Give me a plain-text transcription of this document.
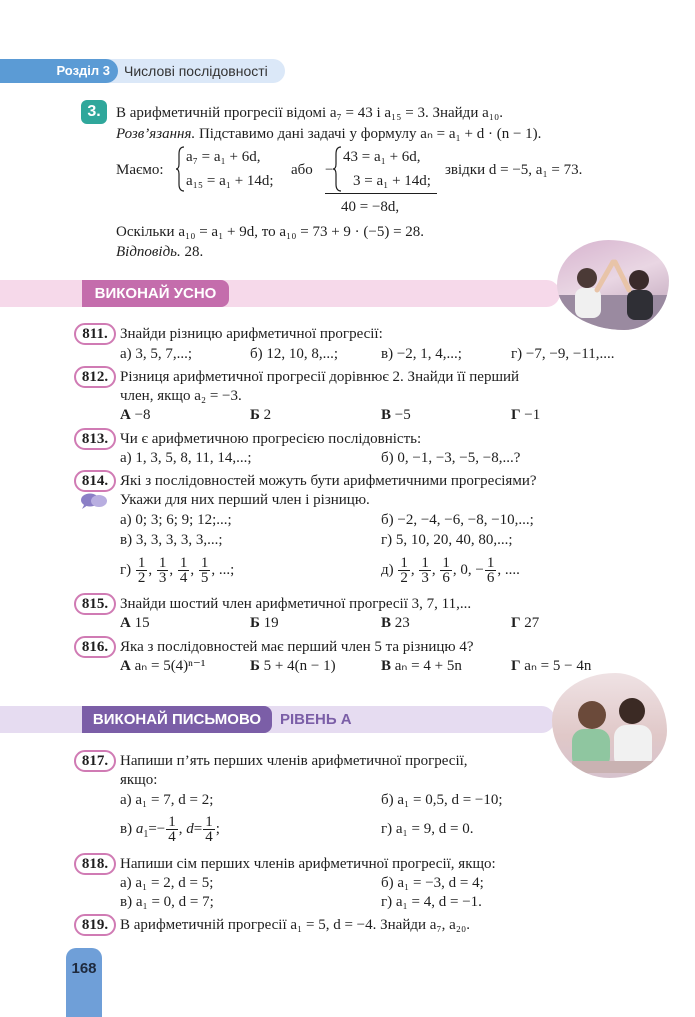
Розділ 3	Числові послідовності
3.	В арифметичній прогресії відомі a₇ = 43 і a₁₅ = 3. Знайди a₁₀.
Розв’язання. Підставимо дані задачі у формулу aₙ = a₁ + d · (n − 1).
Маємо:
a₇ = a₁ + 6d,
a₁₅ = a₁ + 14d;
або −
43 = a₁ + 6d,
3 = a₁ + 14d;
40 = −8d,
звідки d = −5, a₁ = 73.
Оскільки a₁₀ = a₁ + 9d, то a₁₀ = 73 + 9 · (−5) = 28.
Відповідь. 28.
ВИКОНАЙ УСНО
811. Знайди різницю арифметичної прогресії:
а) 3, 5, 7,...;	б) 12, 10, 8,...;	в) −2, 1, 4,...;	г) −7, −9, −11,....
812. Різниця арифметичної прогресії дорівнює 2. Знайди її перший
член, якщо a₂ = −3.
А −8	Б 2	В −5	Г −1
813. Чи є арифметичною прогресією послідовність:
а) 1, 3, 5, 8, 11, 14,...;	б) 0, −1, −3, −5, −8,...?
814. Які з послідовностей можуть бути арифметичними прогресіями?
Укажи для них перший член і різницю.
а) 0; 3; 6; 9; 12;...;	б) −2, −4, −6, −8, −10,...;
в) 3, 3, 3, 3, 3,...;	г) 5, 10, 20, 40, 80,...;
$г) \frac{1}{2}$ , $\frac{1}{3}$ , $\frac{1}{4}$ , $\frac{1}{5}$ , ...;	$д) \frac{1}{2}$ , $\frac{1}{3}$ , $\frac{1}{6}$ , 0, − $\frac{1}{6}$ , ....
815. Знайди шостий член арифметичної прогресії 3, 7, 11,...
А 15	Б 19	В 23	Г 27
816. Яка з послідовностей має перший член 5 та різницю 4?
А aₙ = 5(4)ⁿ⁻¹	Б 5 + 4(n − 1)	В aₙ = 4 + 5n	Г aₙ = 5 − 4n
ВИКОНАЙ ПИСЬМОВО	РІВЕНЬ А
817. Напиши п’ять перших членів арифметичної прогресії,
якщо:
а) a₁ = 7, d = 2;	б) a₁ = 0,5, d = −10;
в) $a_1=- \frac{1}{4}$ , $d= \frac{1}{4}$ ;	г) a₁ = 9, d = 0.
818. Напиши сім перших членів арифметичної прогресії, якщо:
а) a₁ = 2, d = 5;	б) a₁ = −3, d = 4;
в) a₁ = 0, d = 7;	г) a₁ = 4, d = −1.
819. В арифметичній прогресії a₁ = 5, d = −4. Знайди a₇, a₂₀.
168
